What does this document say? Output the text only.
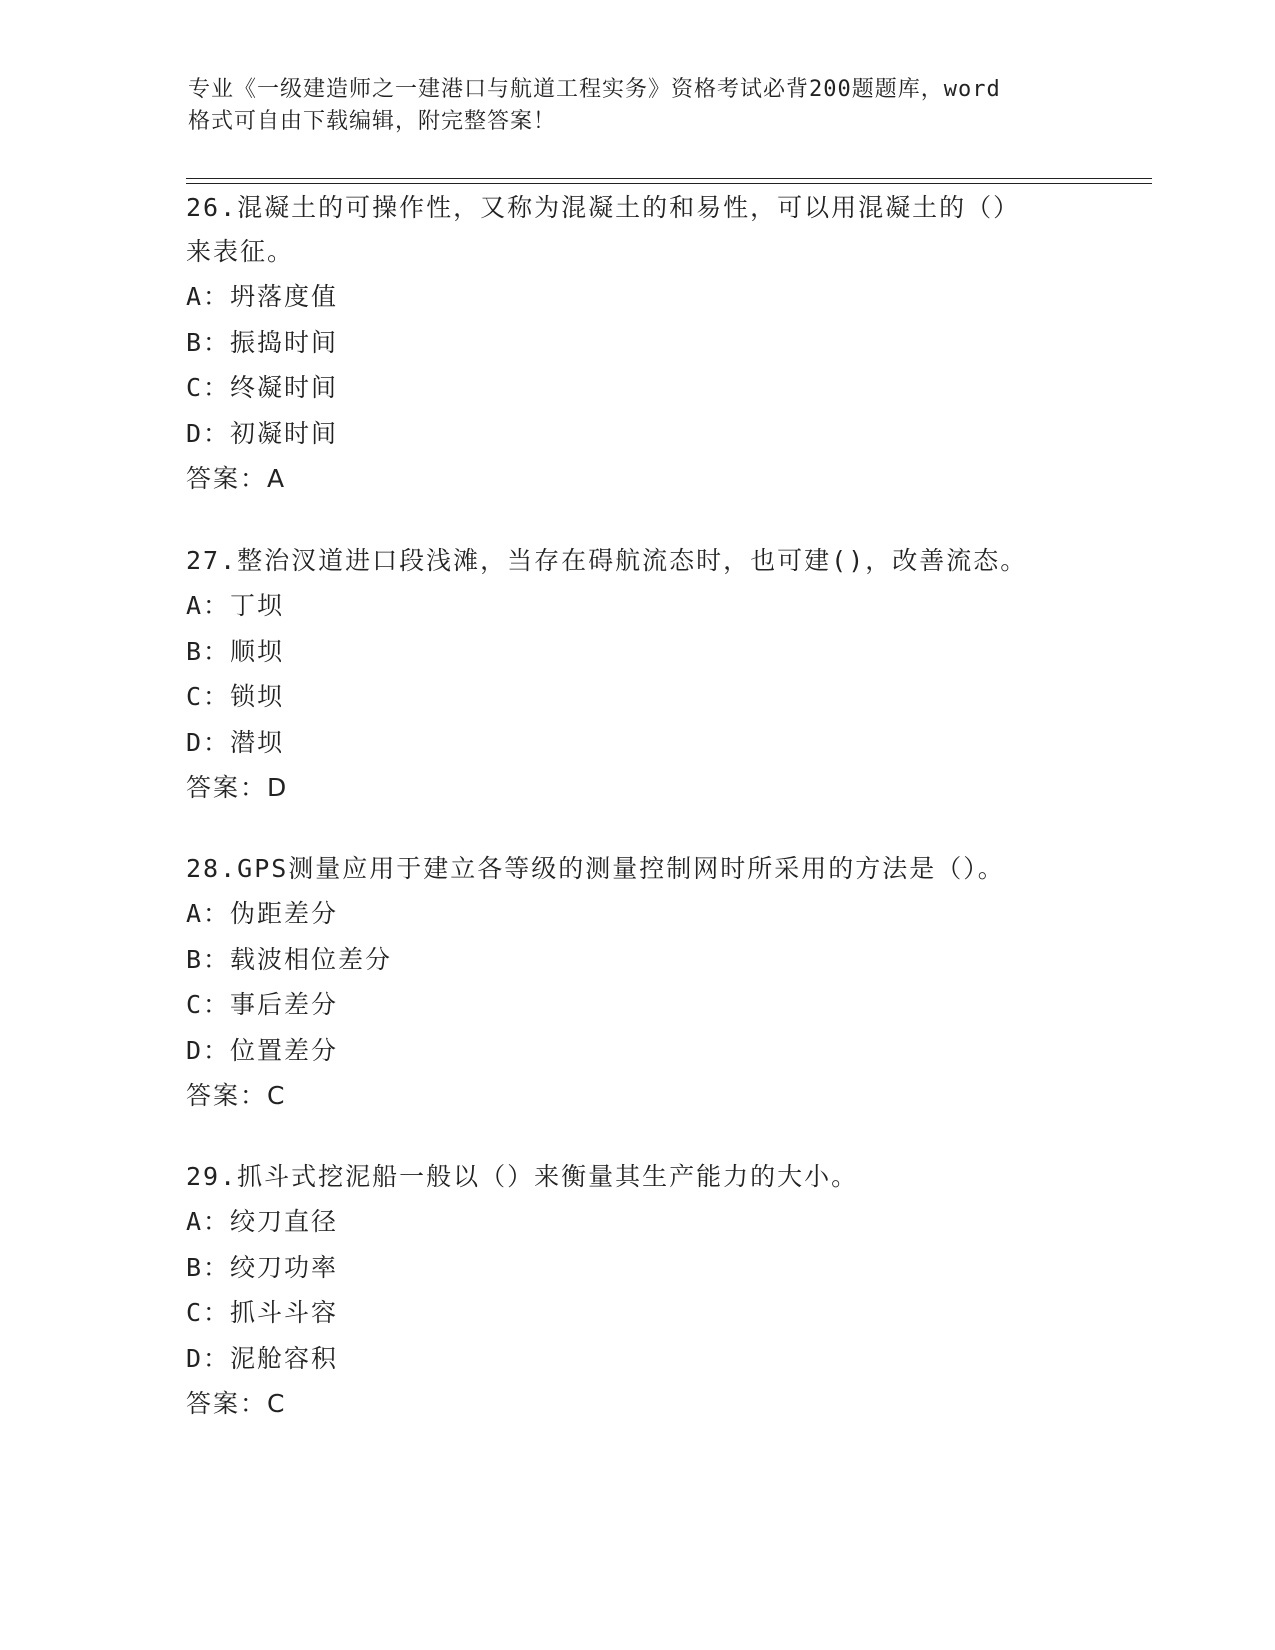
专业《一级建造师之一建港口与航道工程实务》资格考试必背200题题库，word
格式可自由下载编辑，附完整答案！
26.混凝土的可操作性，又称为混凝土的和易性，可以用混凝土的（）
来表征。
A：坍落度值
B：振捣时间
C：终凝时间
D：初凝时间
答案：A
27.整治汊道进口段浅滩，当存在碍航流态时，也可建()，改善流态。
A：丁坝
B：顺坝
C：锁坝
D：潜坝
答案：D
28.GPS测量应用于建立各等级的测量控制网时所采用的方法是（）。
A：伪距差分
B：载波相位差分
C：事后差分
D：位置差分
答案：C
29.抓斗式挖泥船一般以（）来衡量其生产能力的大小。
A：绞刀直径
B：绞刀功率
C：抓斗斗容
D：泥舱容积
答案：C
